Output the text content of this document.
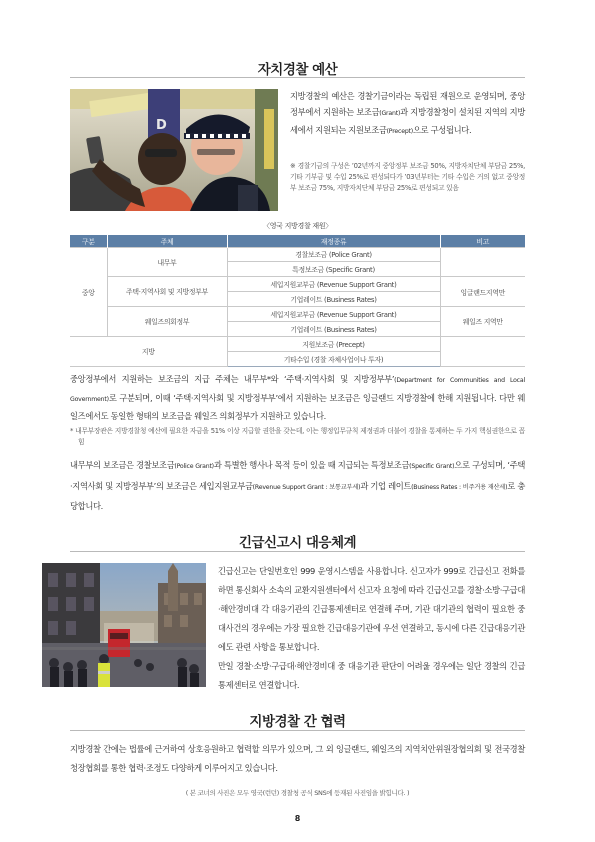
자치경찰 예산
D
지방경찰의 예산은 경찰기금이라는 독립된 재원으로 운영되며, 중앙정부에서 지원하는 보조금(Grant)과 지방경찰청이 설치된 지역의 지방세에서 지원되는 지원보조금(Precept)으로 구성됩니다.
※ 경찰기금의 구성은 ’02년까지 중앙정부 보조금 50%, 지방자치단체 부담금 25%, 기타 기부금 및 수입 25%로 편성되다가 ’03년부터는 기타 수입은 거의 없고 중앙정부 보조금 75%, 지방자치단체 부담금 25%로 편성되고 있음
〈영국 지방경찰 재원〉
구분	주체	재정종류	비고
중앙	내무부	경찰보조금 (Police Grant)	
		특정보조금 (Specific Grant)	
	주택·지역사회 및 지방정부부	세입지원교부금 (Revenue Support Grant)	잉글랜드지역만
		기업레이트 (Business Rates)	
	웨일즈의회정부	세입지원교부금 (Revenue Support Grant)	웨일즈 지역만
		기업레이트 (Business Rates)	
지방		지원보조금 (Precept)	
		기타수입 (경찰 자체사업이나 투자)	
중앙정부에서 지원하는 보조금의 지급 주체는 내무부*와 ‘주택·지역사회 및 지방정부부’(Department for Communities and Local Government)로 구분되며, 이때 ‘주택·지역사회 및 지방정부부’에서 지원하는 보조금은 잉글랜드 지방경찰에 한해 지원됩니다. 다만 웨일즈에서도 동일한 형태의 보조금을 웨일즈 의회정부가 지원하고 있습니다.
* 내무부장관은 지방경찰청 예산에 필요한 자금을 51% 이상 지급할 권한을 갖는데, 이는 행정입무규칙 제정권과 더불어 경찰을 통제하는 두 가지 핵심권한으로 꼽힘
내무부의 보조금은 경찰보조금(Police Grant)과 특별한 행사나 목적 등이 있을 때 지급되는 특정보조금(Specific Grant)으로 구성되며, ‘주택·지역사회 및 지방정부부’의 보조금은 세입지원교부금(Revenue Support Grant : 보통교부세)과 기업 레이트(Business Rates : 비주거용 재산세)로 충당합니다.
긴급신고시 대응체계
긴급신고는 단일번호인 999 운영시스템을 사용합니다. 신고자가 999로 긴급신고 전화를 하면 통신회사 소속의 교환지원센터에서 신고자 요청에 따라 긴급신고를 경찰·소방·구급대·해안경비대 각 대응기관의 긴급통제센터로 연결해 주며, 기관 대기관의 협력이 필요한 중대사건의 경우에는 가장 필요한 긴급대응기관에 우선 연결하고, 동시에 다른 긴급대응기관에도 관련 사항을 통보합니다.
만일 경찰·소방·구급대·해안경비대 중 대응기관 판단이 어려울 경우에는 일단 경찰의 긴급통제센터로 연결합니다.
지방경찰 간 협력
지방경찰 간에는 법률에 근거하여 상호응원하고 협력할 의무가 있으며, 그 외 잉글랜드, 웨일즈의 지역치안위원장협의회 및 전국경찰청장협회를 통한 협력·조정도 다양하게 이루어지고 있습니다.
( 본 코너의 사진은 모두 영국(런던) 경찰청 공식 SNS에 등재된 사진임을 밝힙니다. )
8
